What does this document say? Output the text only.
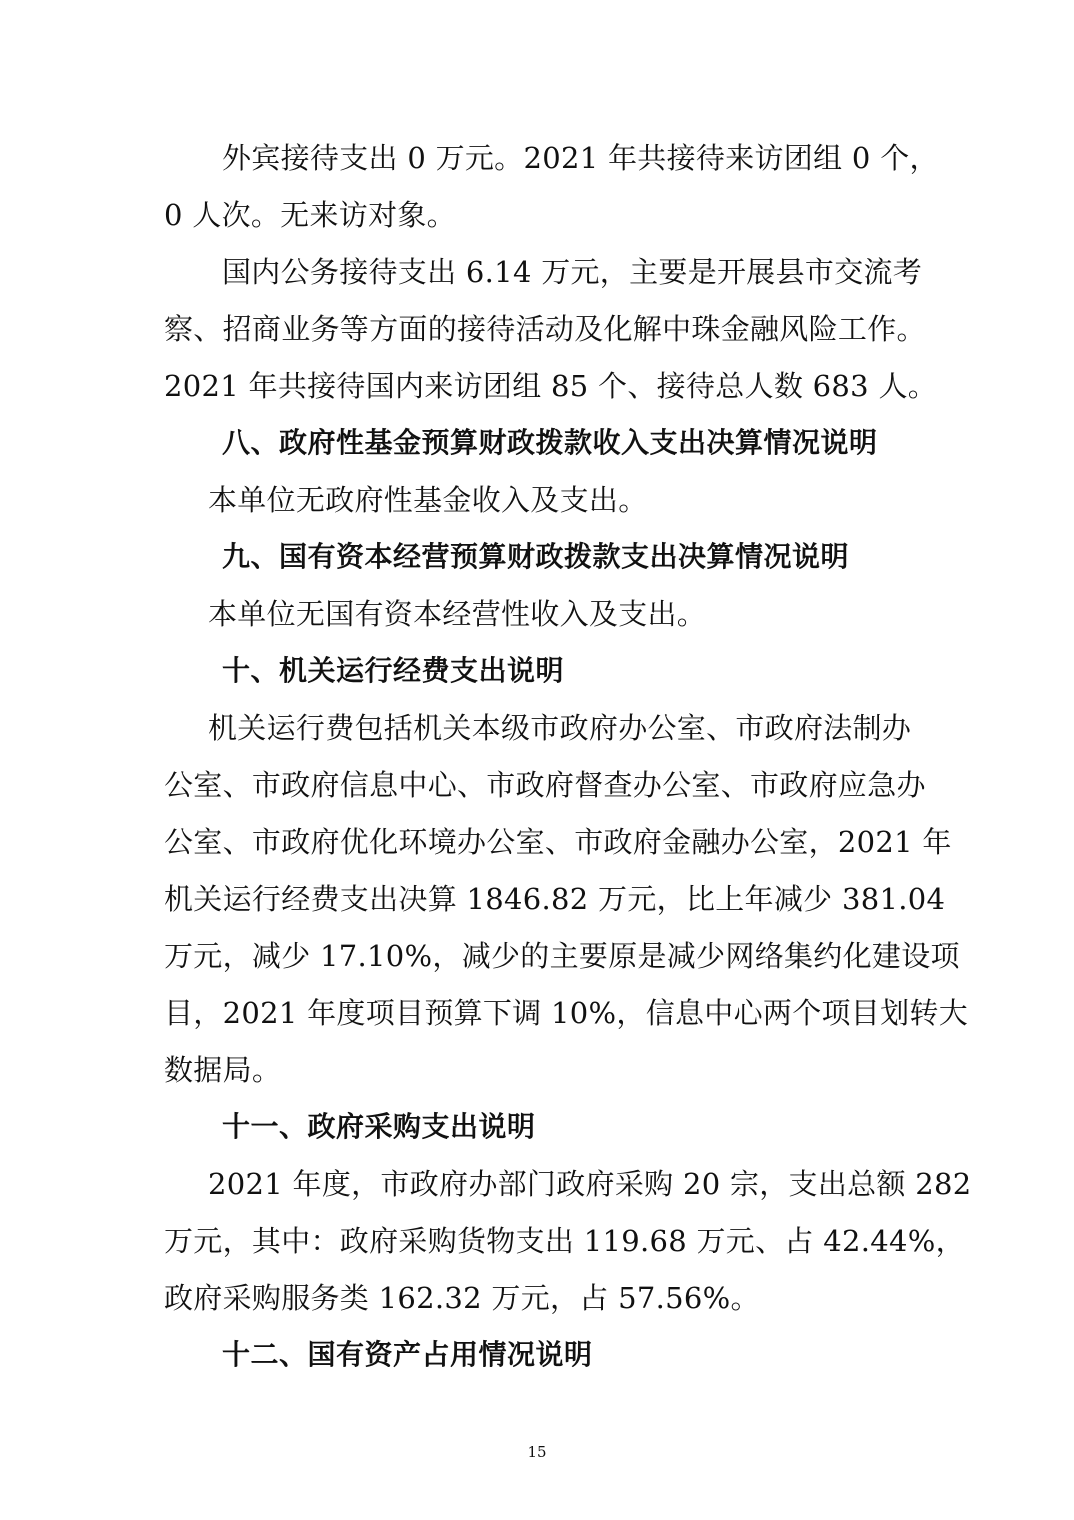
外宾接待支出 0 万元。2021 年共接待来访团组 0 个，
0 人次。无来访对象。
国内公务接待支出 6.14 万元，主要是开展县市交流考
察、招商业务等方面的接待活动及化解中珠金融风险工作。
2021 年共接待国内来访团组 85 个、接待总人数 683 人。
八、政府性基金预算财政拨款收入支出决算情况说明
本单位无政府性基金收入及支出。
九、国有资本经营预算财政拨款支出决算情况说明
本单位无国有资本经营性收入及支出。
十、机关运行经费支出说明
机关运行费包括机关本级市政府办公室、市政府法制办
公室、市政府信息中心、市政府督查办公室、市政府应急办
公室、市政府优化环境办公室、市政府金融办公室，2021 年
机关运行经费支出决算 1846.82 万元，比上年减少 381.04
万元，减少 17.10%，减少的主要原是减少网络集约化建设项
目，2021 年度项目预算下调 10%，信息中心两个项目划转大
数据局。
十一、政府采购支出说明
2021 年度，市政府办部门政府采购 20 宗，支出总额 282
万元，其中：政府采购货物支出 119.68 万元、占 42.44%，
政府采购服务类 162.32 万元，占 57.56%。
十二、国有资产占用情况说明
15
